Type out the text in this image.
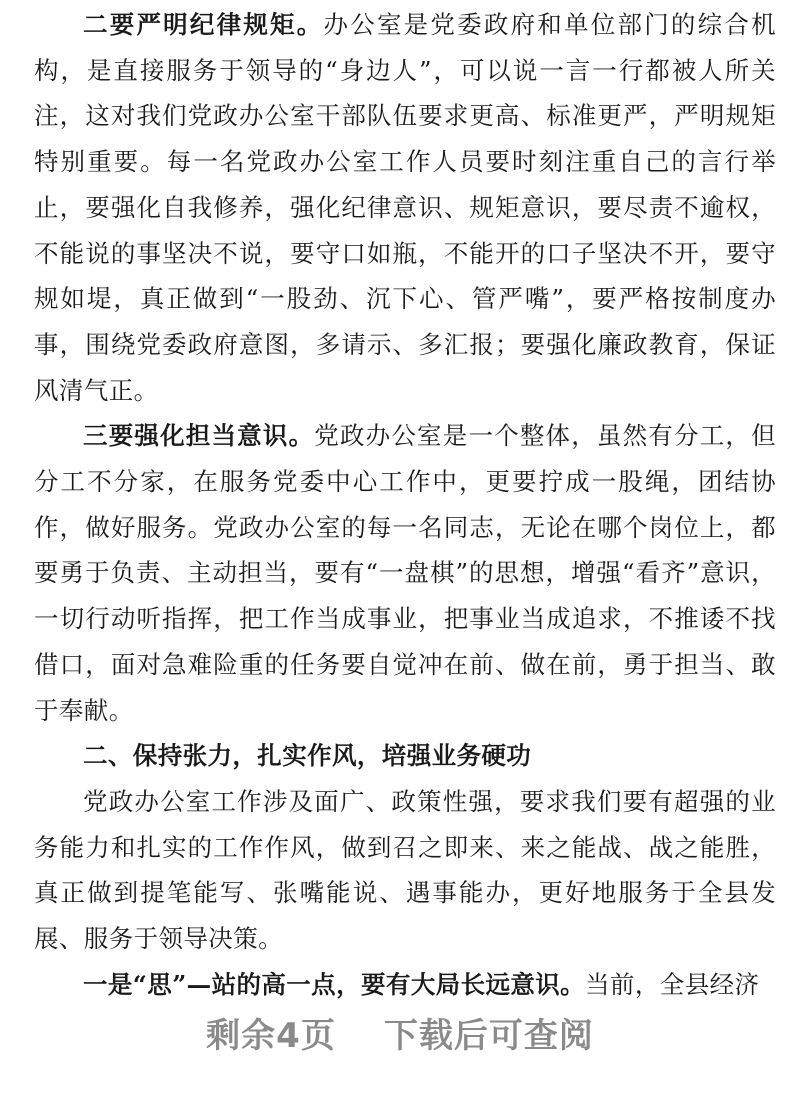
二要严明纪律规矩。办公室是党委政府和单位部门的综合机构，是直接服务于领导的“身边人”，可以说一言一行都被人所关注，这对我们党政办公室干部队伍要求更高、标准更严，严明规矩特别重要。每一名党政办公室工作人员要时刻注重自己的言行举止，要强化自我修养，强化纪律意识、规矩意识，要尽责不逾权，不能说的事坚决不说，要守口如瓶，不能开的口子坚决不开，要守规如堤，真正做到“一股劲、沉下心、管严嘴”，要严格按制度办事，围绕党委政府意图，多请示、多汇报；要强化廉政教育，保证风清气正。

三要强化担当意识。党政办公室是一个整体，虽然有分工，但分工不分家，在服务党委中心工作中，更要拧成一股绳，团结协作，做好服务。党政办公室的每一名同志，无论在哪个岗位上，都要勇于负责、主动担当，要有“一盘棋”的思想，增强“看齐”意识，一切行动听指挥，把工作当成事业，把事业当成追求，不推诿不找借口，面对急难险重的任务要自觉冲在前、做在前，勇于担当、敢于奉献。

二、保持张力，扎实作风，培强业务硬功

党政办公室工作涉及面广、政策性强，要求我们要有超强的业务能力和扎实的工作作风，做到召之即来、来之能战、战之能胜，真正做到提笔能写、张嘴能说、遇事能办，更好地服务于全县发展、服务于领导决策。

一是“思”—站的高一点，要有大局长远意识。当前，全县经济

剩余4页 下载后可查阅
